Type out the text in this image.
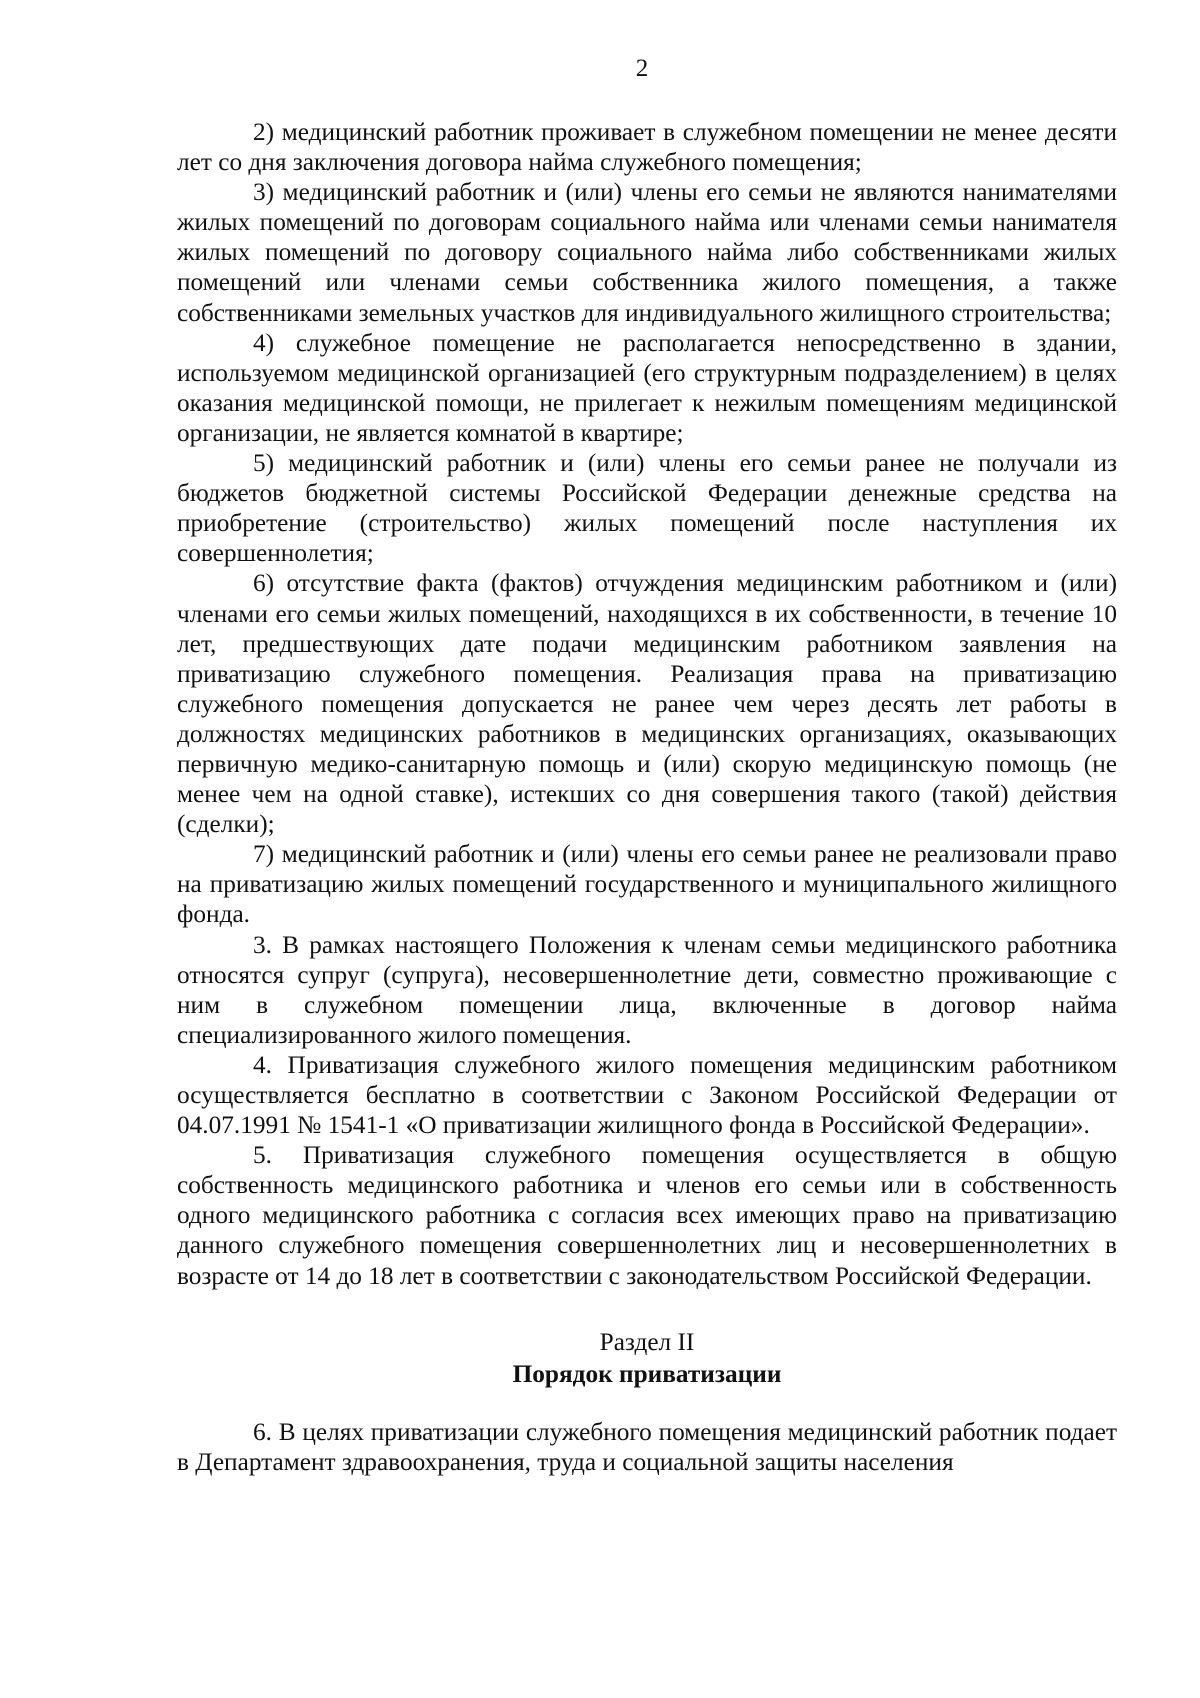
2

2) медицинский работник проживает в служебном помещении не менее десяти лет со дня заключения договора найма служебного помещения;

3) медицинский работник и (или) члены его семьи не являются нанимателями жилых помещений по договорам социального найма или членами семьи нанимателя жилых помещений по договору социального найма либо собственниками жилых помещений или членами семьи собственника жилого помещения, а также собственниками земельных участков для индивидуального жилищного строительства;

4) служебное помещение не располагается непосредственно в здании, используемом медицинской организацией (его структурным подразделением) в целях оказания медицинской помощи, не прилегает к нежилым помещениям медицинской организации, не является комнатой в квартире;

5) медицинский работник и (или) члены его семьи ранее не получали из бюджетов бюджетной системы Российской Федерации денежные средства на приобретение (строительство) жилых помещений после наступления их совершеннолетия;

6) отсутствие факта (фактов) отчуждения медицинским работником и (или) членами его семьи жилых помещений, находящихся в их собственности, в течение 10 лет, предшествующих дате подачи медицинским работником заявления на приватизацию служебного помещения. Реализация права на приватизацию служебного помещения допускается не ранее чем через десять лет работы в должностях медицинских работников в медицинских организациях, оказывающих первичную медико-санитарную помощь и (или) скорую медицинскую помощь (не менее чем на одной ставке), истекших со дня совершения такого (такой) действия (сделки);

7) медицинский работник и (или) члены его семьи ранее не реализовали право на приватизацию жилых помещений государственного и муниципального жилищного фонда.

3. В рамках настоящего Положения к членам семьи медицинского работника относятся супруг (супруга), несовершеннолетние дети, совместно проживающие с ним в служебном помещении лица, включенные в договор найма специализированного жилого помещения.

4. Приватизация служебного жилого помещения медицинским работником осуществляется бесплатно в соответствии с Законом Российской Федерации от 04.07.1991 № 1541-1 «О приватизации жилищного фонда в Российской Федерации».

5. Приватизация служебного помещения осуществляется в общую собственность медицинского работника и членов его семьи или в собственность одного медицинского работника с согласия всех имеющих право на приватизацию данного служебного помещения совершеннолетних лиц и несовершеннолетних в возрасте от 14 до 18 лет в соответствии с законодательством Российской Федерации.

Раздел II

Порядок приватизации

6. В целях приватизации служебного помещения медицинский работник подает в Департамент здравоохранения, труда и социальной защиты населения
